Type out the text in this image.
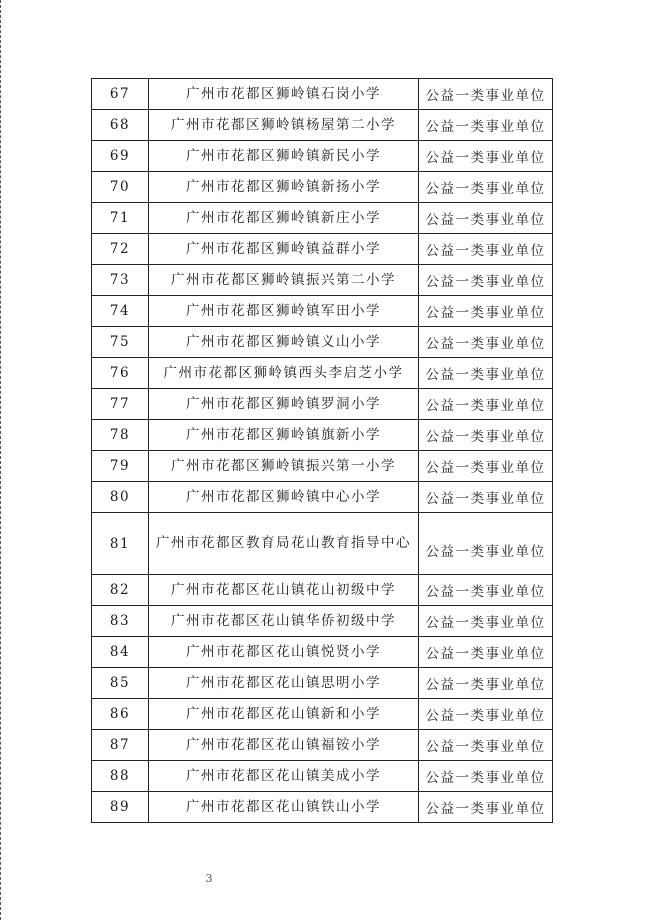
67	广州市花都区狮岭镇石岗小学	公益一类事业单位
68	广州市花都区狮岭镇杨屋第二小学	公益一类事业单位
69	广州市花都区狮岭镇新民小学	公益一类事业单位
70	广州市花都区狮岭镇新扬小学	公益一类事业单位
71	广州市花都区狮岭镇新庄小学	公益一类事业单位
72	广州市花都区狮岭镇益群小学	公益一类事业单位
73	广州市花都区狮岭镇振兴第二小学	公益一类事业单位
74	广州市花都区狮岭镇军田小学	公益一类事业单位
75	广州市花都区狮岭镇义山小学	公益一类事业单位
76	广州市花都区狮岭镇西头李启芝小学	公益一类事业单位
77	广州市花都区狮岭镇罗洞小学	公益一类事业单位
78	广州市花都区狮岭镇旗新小学	公益一类事业单位
79	广州市花都区狮岭镇振兴第一小学	公益一类事业单位
80	广州市花都区狮岭镇中心小学	公益一类事业单位
81	广州市花都区教育局花山教育指导中心	公益一类事业单位
82	广州市花都区花山镇花山初级中学	公益一类事业单位
83	广州市花都区花山镇华侨初级中学	公益一类事业单位
84	广州市花都区花山镇悦贤小学	公益一类事业单位
85	广州市花都区花山镇思明小学	公益一类事业单位
86	广州市花都区花山镇新和小学	公益一类事业单位
87	广州市花都区花山镇福铵小学	公益一类事业单位
88	广州市花都区花山镇美成小学	公益一类事业单位
89	广州市花都区花山镇铁山小学	公益一类事业单位
3
